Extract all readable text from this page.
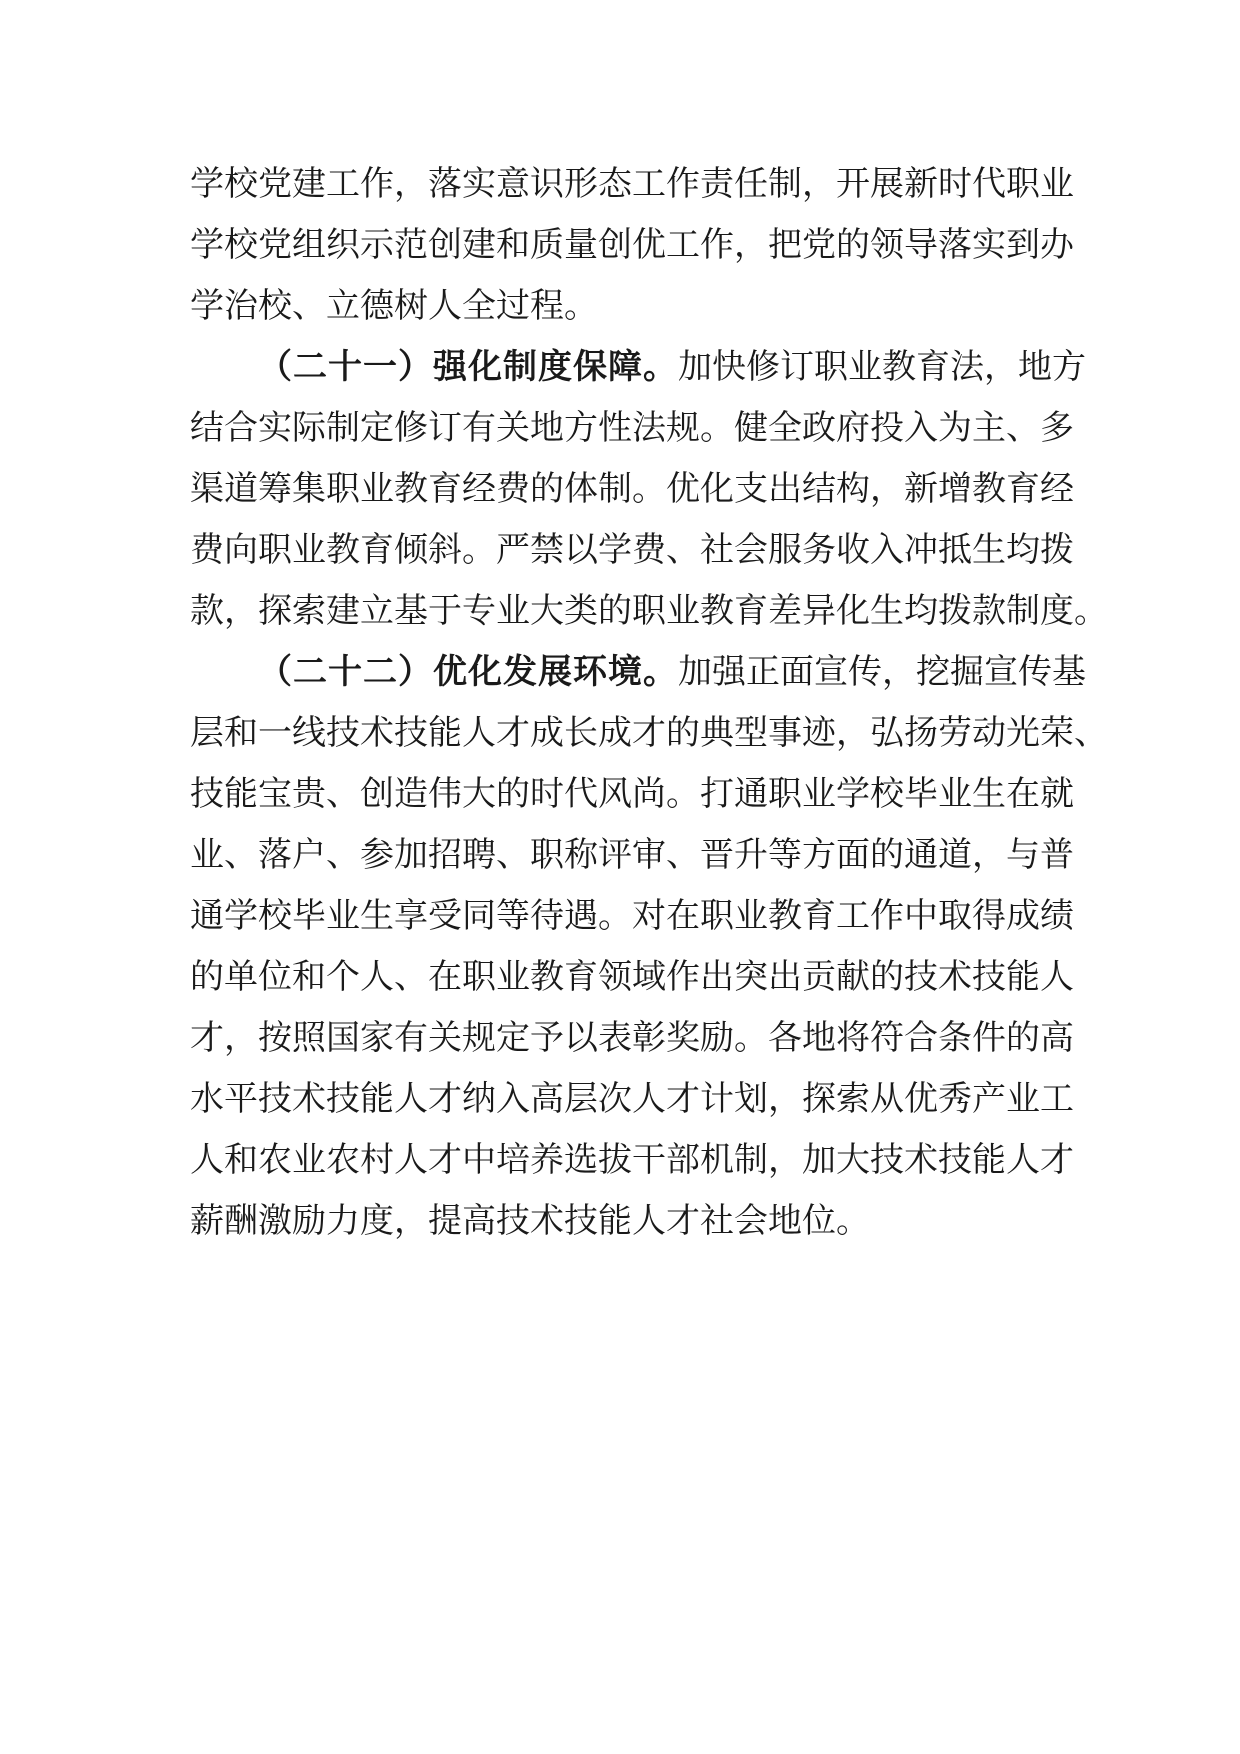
学校党建工作，落实意识形态工作责任制，开展新时代职业
学校党组织示范创建和质量创优工作，把党的领导落实到办
学治校、立德树人全过程。
（二十一）强化制度保障。加快修订职业教育法，地方
结合实际制定修订有关地方性法规。健全政府投入为主、多
渠道筹集职业教育经费的体制。优化支出结构，新增教育经
费向职业教育倾斜。严禁以学费、社会服务收入冲抵生均拨
款，探索建立基于专业大类的职业教育差异化生均拨款制度。
（二十二）优化发展环境。加强正面宣传，挖掘宣传基
层和一线技术技能人才成长成才的典型事迹，弘扬劳动光荣、
技能宝贵、创造伟大的时代风尚。打通职业学校毕业生在就
业、落户、参加招聘、职称评审、晋升等方面的通道，与普
通学校毕业生享受同等待遇。对在职业教育工作中取得成绩
的单位和个人、在职业教育领域作出突出贡献的技术技能人
才，按照国家有关规定予以表彰奖励。各地将符合条件的高
水平技术技能人才纳入高层次人才计划，探索从优秀产业工
人和农业农村人才中培养选拔干部机制，加大技术技能人才
薪酬激励力度，提高技术技能人才社会地位。
